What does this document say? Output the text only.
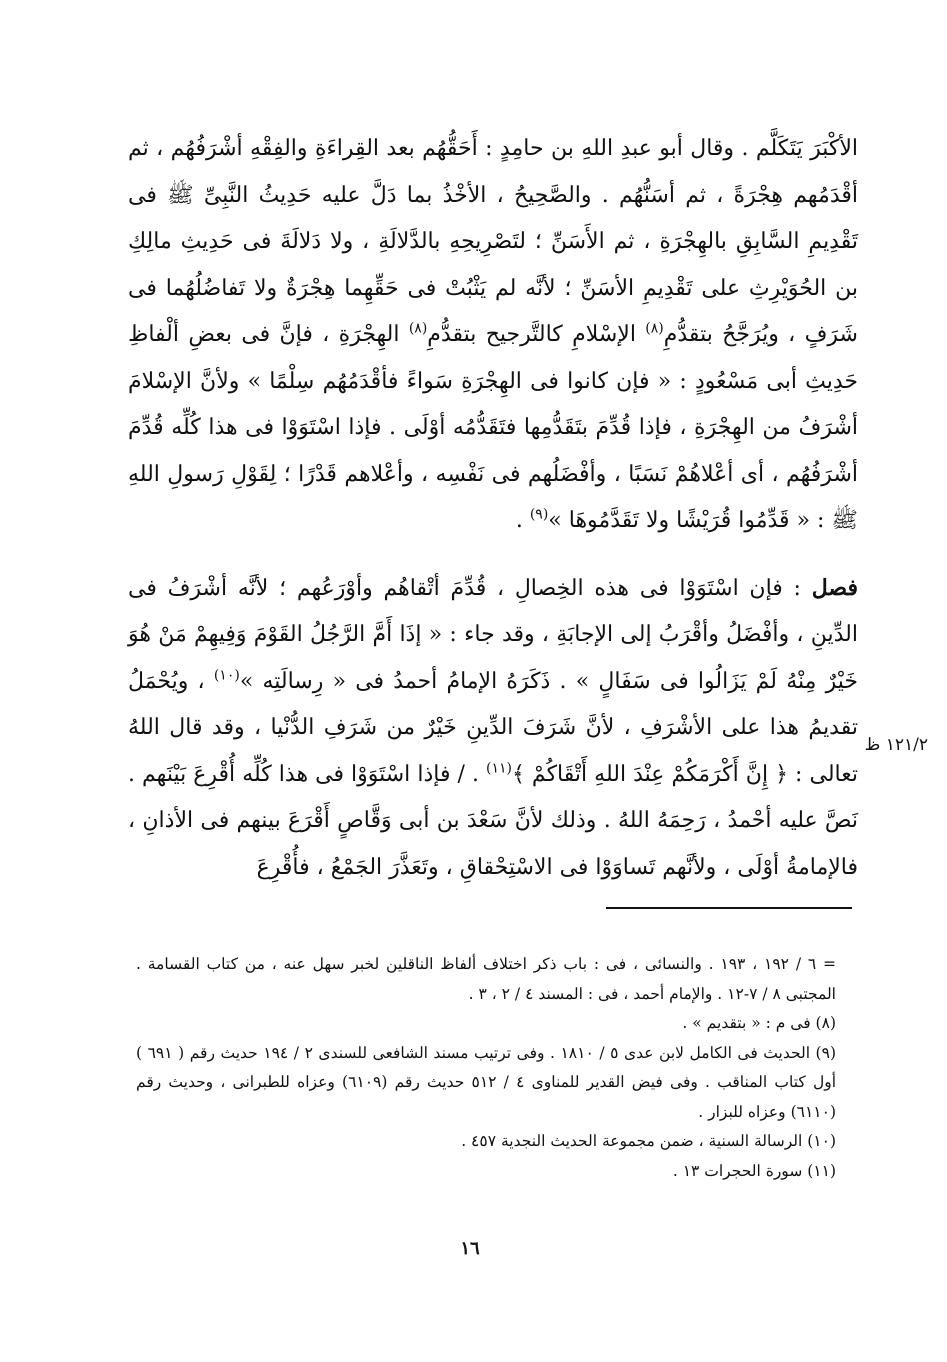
الأكْبَرَ يَتَكَلَّم . وقال أبو عبدِ اللهِ بن حامِدٍ : أَحَقُّهُم بعد القِراءَةِ والفِقْهِ أشْرَفُهُم ، ثم أقْدَمُهم هِجْرَةً ، ثم أسَنُّهُم . والصَّحِيحُ ، الأخْذُ بما دَلَّ عليه حَدِيثُ النَّبِىِّ ﷺ فى تَقْدِيمِ السَّابِقِ بالهِجْرَةِ ، ثم الأَسَنِّ ؛ لتَصْرِيحِهِ بالدَّلالَةِ ، ولا دَلالَةَ فى حَدِيثِ مالِكِ بن الحُوَيْرِثِ على تَقْدِيمِ الأسَنِّ ؛ لأنَّه لم يَثْبُتْ فى حَقِّهِما هِجْرَةٌ ولا تَفاضُلُهُما فى شَرَفٍ ، ويُرَجَّحُ بتقدُّمِ$^{(٨)}$ الإسْلامِ كالتَّرجيح بتقدُّمِ$^{(٨)}$ الهِجْرَةِ ، فإنَّ فى بعضِ ألْفاظِ حَدِيثِ أبى مَسْعُودٍ : « فإن كانوا فى الهِجْرَةِ سَواءً فأقْدَمُهُم سِلْمًا » ولأنَّ الإسْلامَ أشْرَفُ من الهِجْرَةِ ، فإذا قُدِّمَ بتَقَدُّمِها فتَقَدُّمُه أوْلَى . فإذا اسْتَوَوْا فى هذا كُلِّه قُدِّمَ أشْرَفُهُم ، أى أعْلاهُمْ نَسَبًا ، وأفْضَلُهم فى نَفْسِه ، وأعْلاهم قَدْرًا ؛ لِقَوْلِ رَسولِ اللهِ ﷺ : « قَدِّمُوا قُرَيْشًا ولا تَقَدَّمُوهَا »$^{(٩)}$ .

فصل : فإن اسْتَوَوْا فى هذه الخِصالِ ، قُدِّمَ أتْقاهُم وأوْرَعُهم ؛ لأنَّه أشْرَفُ فى الدِّينِ ، وأفْضَلُ وأقْرَبُ إلى الإجابَةِ ، وقد جاء : « إذَا أَمَّ الرَّجُلُ القَوْمَ وَفِيهِمْ مَنْ هُوَ خَيْرٌ مِنْهُ لَمْ يَزَالُوا فى سَفَالٍ » . ذَكَرَهُ الإمامُ أحمدُ فى « رِسالَتِه »$^{(١٠)}$ ، ويُحْمَلُ تقديمُ هذا على الأشْرَفِ ، لأنَّ شَرَفَ الدِّينِ خَيْرٌ من شَرَفِ الدُّنْيا ، وقد قال اللهُ تعالى : ﴿ إِنَّ أَكْرَمَكُمْ عِنْدَ اللهِ أَتْقَاكُمْ ﴾$^{(١١)}$ . / فإذا اسْتَوَوْا فى هذا كُلِّه أُقْرِعَ بَيْنَهم . نَصَّ عليه أحْمدُ ، رَحِمَهُ اللهُ . وذلك لأنَّ سَعْدَ بن أبى وَقَّاصٍ أَقْرَعَ بينهم فى الأذانِ ، فالإمامةُ أوْلَى ، ولأنَّهم تَساوَوْا فى الاسْتِحْقاقِ ، وتَعَذَّرَ الجَمْعُ ، فأُقْرِعَ

١٢١/٢ ظ
= ٦ / ١٩٢ ، ١٩٣ . والنسائى ، فى : باب ذكر اختلاف ألفاظ الناقلين لخبر سهل عنه ، من كتاب القسامة . المجتبى ٨ / ٧-١٢ . والإمام أحمد ، فى : المسند ٤ / ٢ ، ٣ .
(٨) فى م : « بتقديم » .
(٩) الحديث فى الكامل لابن عدى ٥ / ١٨١٠ . وفى ترتيب مسند الشافعى للسندى ٢ / ١٩٤ حديث رقم ( ٦٩١ ) أول كتاب المناقب . وفى فيض القدير للمناوى ٤ / ٥١٢ حديث رقم (٦١٠٩) وعزاه للطبرانى ، وحديث رقم (٦١١٠) وعزاه للبزار .
(١٠) الرسالة السنية ، ضمن مجموعة الحديث النجدية ٤٥٧ .
(١١) سورة الحجرات ١٣ .
١٦
